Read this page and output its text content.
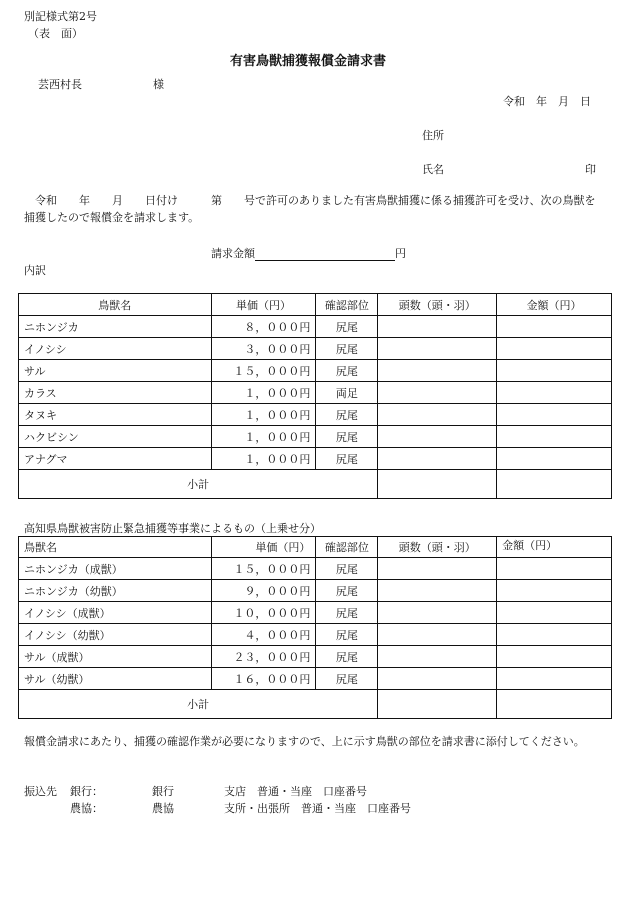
別記様式第2号
（表　面）
有害鳥獣捕獲報償金請求書
芸西村長	様
令和　年　月　日
住所
氏名	印
　令和　　年　　月　　日付け　　　第　　号で許可のありました有害鳥獣捕獲に係る捕獲許可を受け、次の鳥獣を捕獲したので報償金を請求します。
請求金額	円
内訳
鳥獣名	単価（円）	確認部位	頭数（頭・羽）	金額（円）
ニホンジカ	８，０００円	尻尾		
イノシシ	３，０００円	尻尾		
サル	１５，０００円	尻尾		
カラス	１，０００円	両足		
タヌキ	１，０００円	尻尾		
ハクビシン	１，０００円	尻尾		
アナグマ	１，０００円	尻尾		
小計				
高知県鳥獣被害防止緊急捕獲等事業によるもの（上乗せ分）
鳥獣名	単価（円）	確認部位	頭数（頭・羽）	金額（円）
ニホンジカ（成獣）	１５，０００円	尻尾		
ニホンジカ（幼獣）	９，０００円	尻尾		
イノシシ（成獣）	１０，０００円	尻尾		
イノシシ（幼獣）	４，０００円	尻尾		
サル（成獣）	２３，０００円	尻尾		
サル（幼獣）	１６，０００円	尻尾		
小計				
報償金請求にあたり、捕獲の確認作業が必要になりますので、上に示す鳥獣の部位を請求書に添付してください。
振込先 銀行：	銀行	支店　普通・当座　口座番号
農協：	農協	支所・出張所　普通・当座　口座番号
